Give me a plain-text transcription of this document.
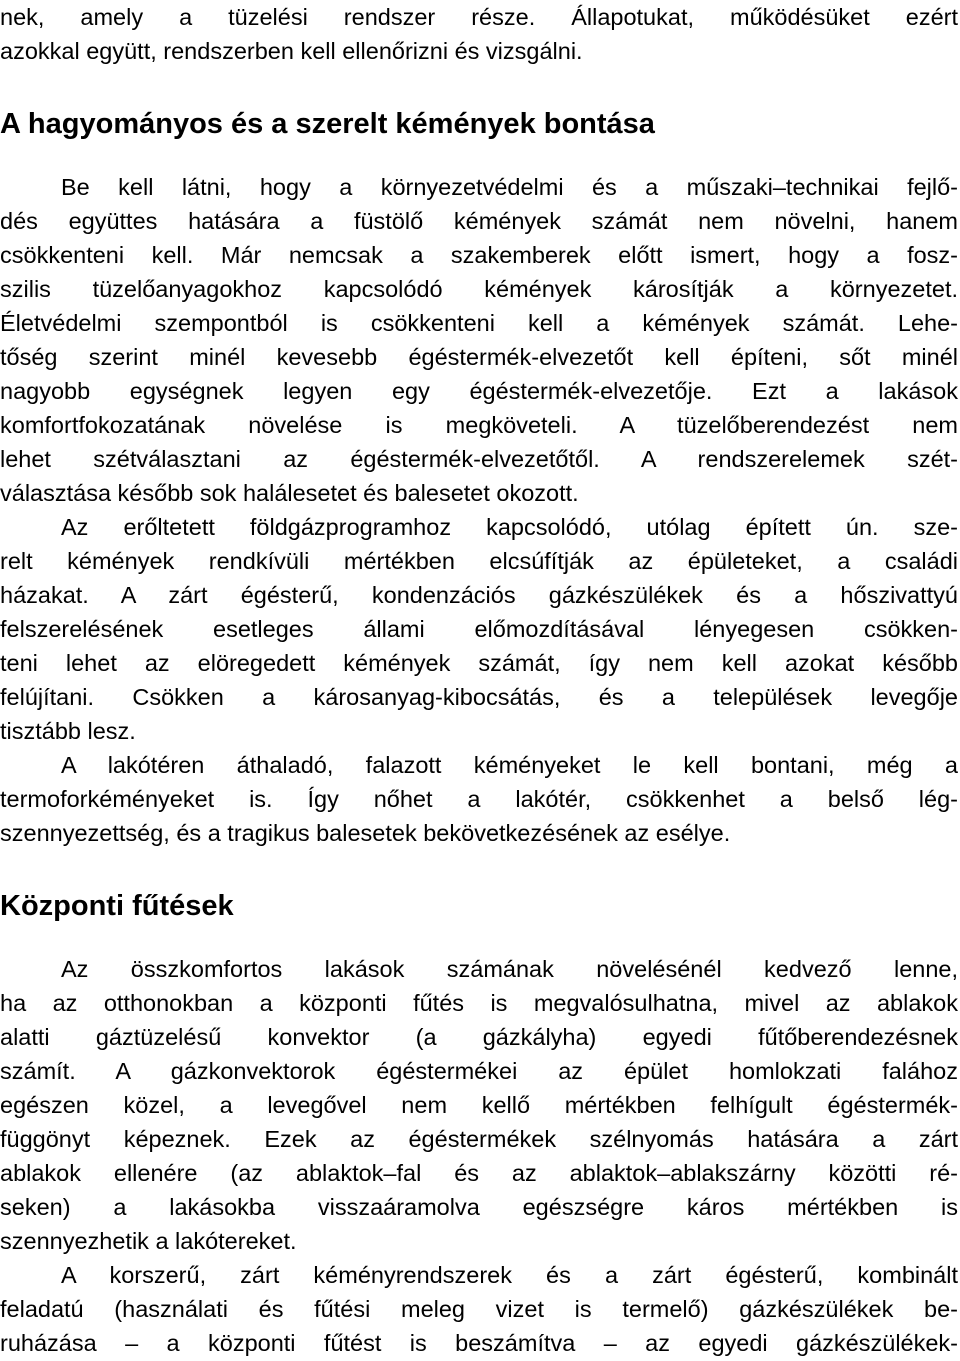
nek, amely a tüzelési rendszer része. Állapotukat, működésüket ezért
azokkal együtt, rendszerben kell ellenőrizni és vizsgálni.
A hagyományos és a szerelt kémények bontása
Be kell látni, hogy a környezetvédelmi és a műszaki–technikai fejlő-
dés együttes hatására a füstölő kémények számát nem növelni, hanem
csökkenteni kell. Már nemcsak a szakemberek előtt ismert, hogy a fosz-
szilis tüzelőanyagokhoz kapcsolódó kémények károsítják a környezetet.
Életvédelmi szempontból is csökkenteni kell a kémények számát. Lehe-
tőség szerint minél kevesebb égéstermék-elvezetőt kell építeni, sőt minél
nagyobb egységnek legyen egy égéstermék-elvezetője. Ezt a lakások
komfortfokozatának növelése is megköveteli. A tüzelőberendezést nem
lehet szétválasztani az égéstermék-elvezetőtől. A rendszerelemek szét-
választása később sok halálesetet és balesetet okozott.
Az erőltetett földgázprogramhoz kapcsolódó, utólag épített ún. sze-
relt kémények rendkívüli mértékben elcsúfítják az épületeket, a családi
házakat. A zárt égésterű, kondenzációs gázkészülékek és a hőszivattyú
felszerelésének esetleges állami előmozdításával lényegesen csökken-
teni lehet az elöregedett kémények számát, így nem kell azokat később
felújítani. Csökken a károsanyag-kibocsátás, és a települések levegője
tisztább lesz.
A lakótéren áthaladó, falazott kéményeket le kell bontani, még a
termoforkéményeket is. Így nőhet a lakótér, csökkenhet a belső lég-
szennyezettség, és a tragikus balesetek bekövetkezésének az esélye.
Központi fűtések
Az összkomfortos lakások számának növelésénél kedvező lenne,
ha az otthonokban a központi fűtés is megvalósulhatna, mivel az ablakok
alatti gáztüzelésű konvektor (a gázkályha) egyedi fűtőberendezésnek
számít. A gázkonvektorok égéstermékei az épület homlokzati falához
egészen közel, a levegővel nem kellő mértékben felhígult égéstermék-
függönyt képeznek. Ezek az égéstermékek szélnyomás hatására a zárt
ablakok ellenére (az ablaktok–fal és az ablaktok–ablakszárny közötti ré-
seken) a lakásokba visszaáramolva egészségre káros mértékben is
szennyezhetik a lakótereket.
A korszerű, zárt kéményrendszerek és a zárt égésterű, kombinált
feladatú (használati és fűtési meleg vizet is termelő) gázkészülékek be-
ruházása – a központi fűtést is beszámítva – az egyedi gázkészülékek-
